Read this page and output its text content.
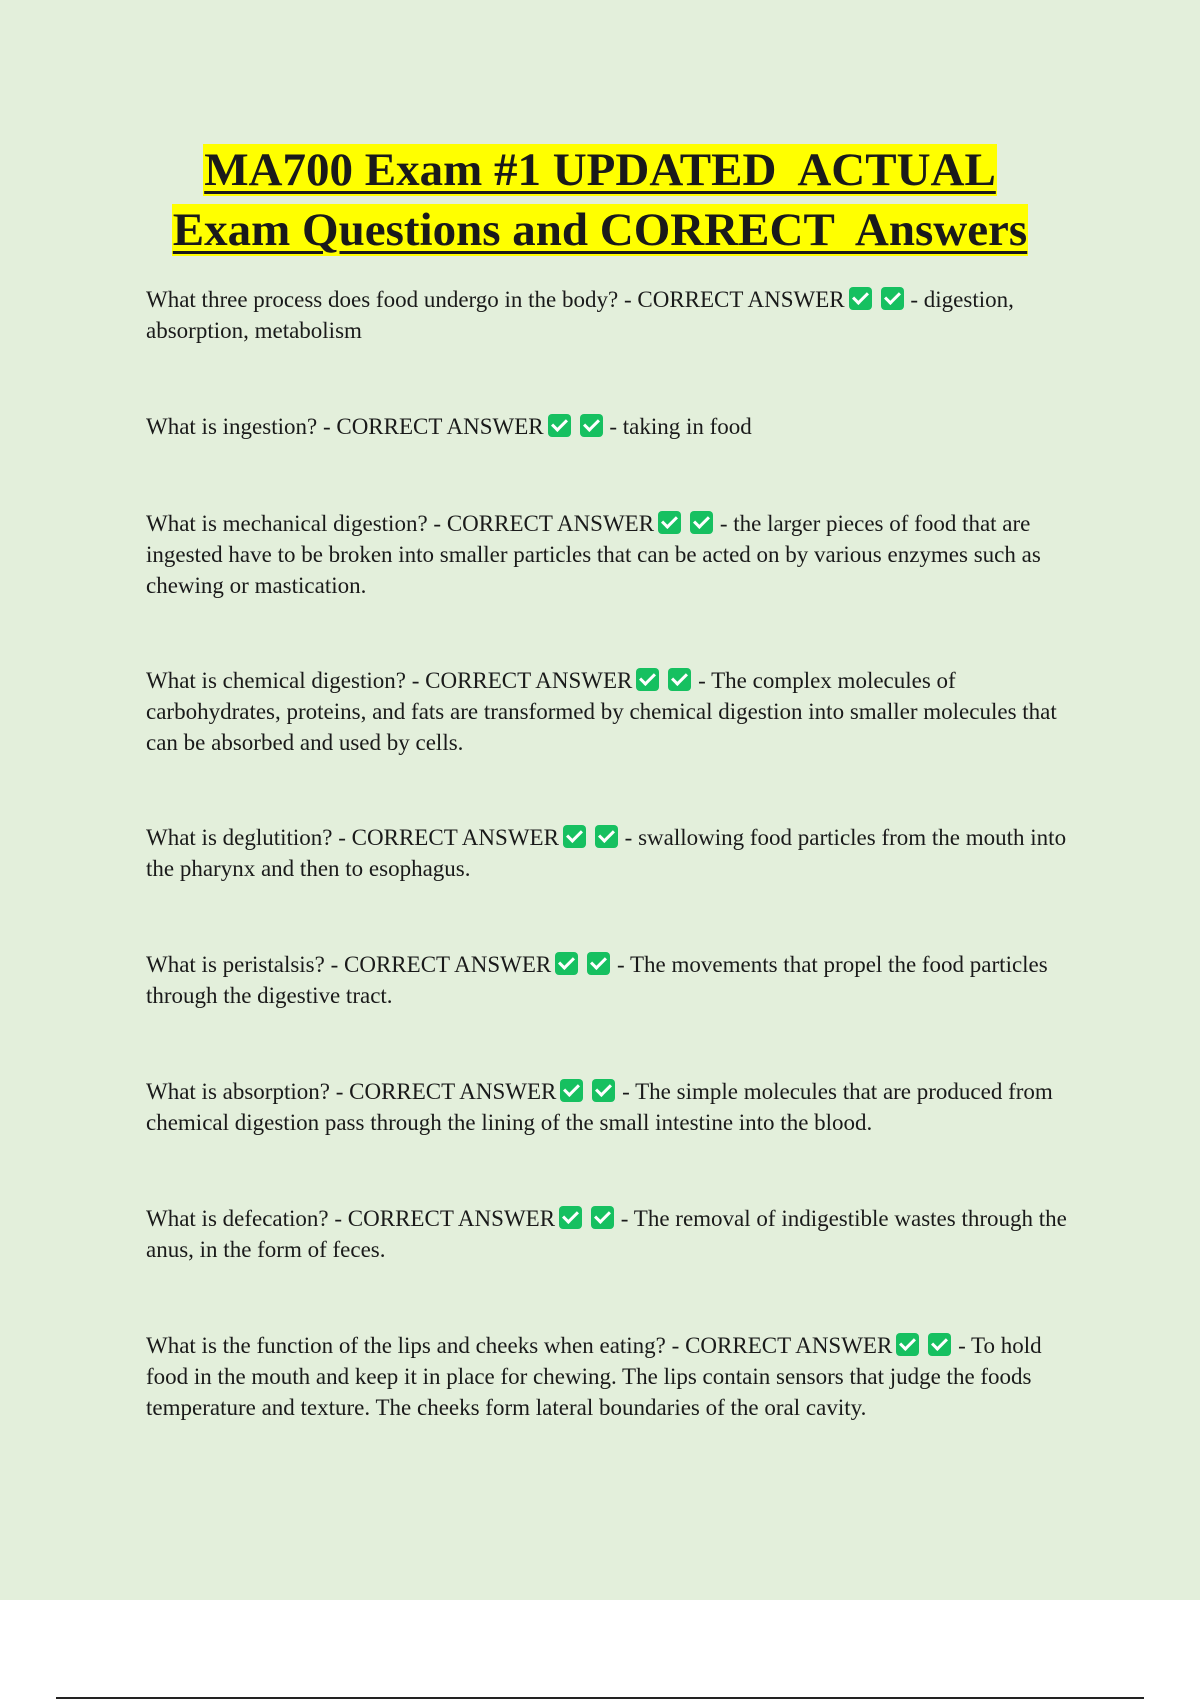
MA700 Exam #1 UPDATED  ACTUAL
Exam Questions and CORRECT  Answers

What three process does food undergo in the body? - CORRECT ANSWER	- digestion, absorption, metabolism

What is ingestion? - CORRECT ANSWER	- taking in food

What is mechanical digestion? - CORRECT ANSWER	- the larger pieces of food that are ingested have to be broken into smaller particles that can be acted on by various enzymes such as chewing or mastication.

What is chemical digestion? - CORRECT ANSWER	- The complex molecules of carbohydrates, proteins, and fats are transformed by chemical digestion into smaller molecules that can be absorbed and used by cells.

What is deglutition? - CORRECT ANSWER	- swallowing food particles from the mouth into the pharynx and then to esophagus.

What is peristalsis? - CORRECT ANSWER	- The movements that propel the food particles through the digestive tract.

What is absorption? - CORRECT ANSWER	- The simple molecules that are produced from chemical digestion pass through the lining of the small intestine into the blood.

What is defecation? - CORRECT ANSWER	- The removal of indigestible wastes through the anus, in the form of feces.

What is the function of the lips and cheeks when eating? - CORRECT ANSWER	- To hold food in the mouth and keep it in place for chewing. The lips contain sensors that judge the foods temperature and texture. The cheeks form lateral boundaries of the oral cavity.
